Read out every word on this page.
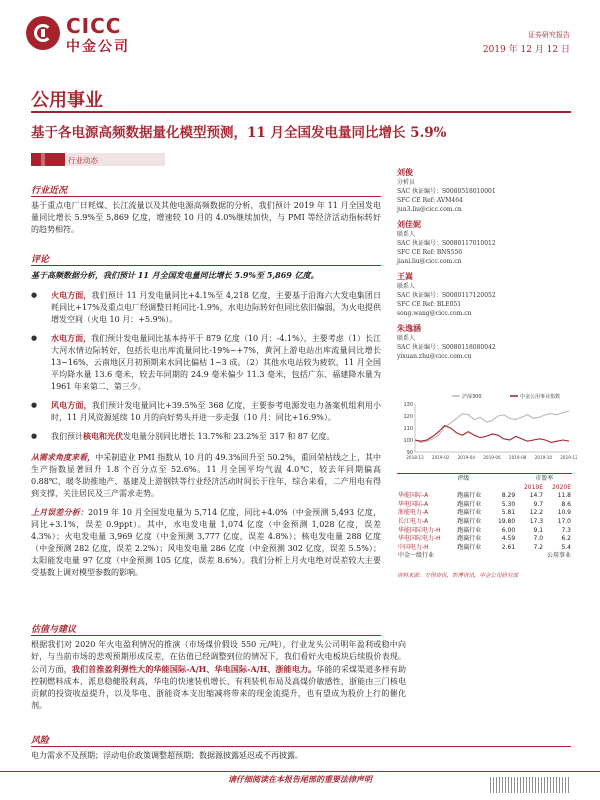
CICC
中金公司
证券研究报告
2019 年 12 月 12 日
公用事业
基于各电源高频数据量化模型预测，11 月全国发电量同比增长 5.9%
行业动态
行业近况
基于重点电厂日耗煤、长江流量以及其他电源高频数据的分析，我们预计 2019 年 11 月全国发电量同比增长 5.9%至 5,869 亿度，增速较 10 月的 4.0%继续加快，与 PMI 等经济活动指标转好的趋势相符。
评论
基于高频数据分析，我们预计 11 月全国发电量同比增长 5.9%至 5,869 亿度。
● 火电方面，我们预计 11 月发电量同比+4.1%至 4,218 亿度，主要基于沿海六大发电集团日耗同比+17%及重点电厂经调整日耗同比-1.9%，水电边际转好但同比依旧偏弱，为火电提供增发空间（火电 10 月：+5.9%）。
● 水电方面，我们预计发电量同比基本持平于 879 亿度（10 月：-4.1%），主要考虑（1）长江大河水情边际转好，包括长电出库流量同比-19%~+7%，黄河上游电站出库流量同比增长 13~16%，云南地区月初预期来水同比偏枯 1~3 成。（2）其他水电站较为疲软，11 月全国平均降水量 13.6 毫米，较去年同期的 24.9 毫米偏少 11.3 毫米，包括广东、福建降水量为 1961 年来第二、第三少。
● 风电方面，我们预计发电量同比+39.5%至 368 亿度，主要参考电源发电力备案机组利用小时，11 月风资源延续 10 月的向好势头并进一步走强（10 月：同比+16.9%）。
● 我们预计核电和光伏发电量分别同比增长 13.7%和 23.2%至 317 和 87 亿度。
从需求角度来看，中采制造业 PMI 指数从 10 月的 49.3%回升至 50.2%，重回荣枯线之上，其中生产指数显著回升 1.8 个百分点至 52.6%。11 月全国平均气温 4.0℃，较去年同期偏高 0.88℃，暖冬助推地产、基建及上游钢铁等行业经济活动时间长于往年，综合来看，二产用电有得到支撑，关注居民及三产需求走势。
上月误差分析：2019 年 10 月全国发电量为 5,714 亿度，同比+4.0%（中金预测 5,493 亿度，同比+3.1%，误差 0.9ppt）。其中，水电发电量 1,074 亿度（中金预测 1,028 亿度，误差 4.3%）；火电发电量 3,969 亿度（中金预测 3,777 亿度，误差 4.8%）；核电发电量 288 亿度（中金预测 282 亿度，误差 2.2%）；风电发电量 286 亿度（中金预测 302 亿度，误差 5.5%）；太阳能发电量 97 亿度（中金预测 105 亿度，误差 8.6%）。我们分析上月火电绝对误差较大主要受基数上调对模型参数的影响。
估值与建议
根据我们对 2020 年火电盈利情况的推演（市场煤价假设 550 元/吨），行业龙头公司明年盈利或稳中向好，与当前市场的悲观预期形成反差，在估值已经调整到位的情况下，我们看好火电板块后续股价表现。公司方面，我们首推盈利弹性大的华能国际-A/H、华电国际-A/H、浙能电力。华能的采煤渠道多样有助控制燃料成本、派息稳健股利高，华电的快速装机增长、有利装机布局及高煤价敏感性，浙能由三门核电贡献的投资收益提升，以及华电、浙能资本支出缩减将带来的现金流提升，也有望成为股价上行的催化剂。
风险
电力需求不及预期；浮动电价政策调整超预期；数据源披露延迟或不再披露。
刘俊
分析员
SAC 执证编号：S0080518010001
SFC CE Ref: AVM464
jun3.liu@cicc.com.cn
刘佳妮
联系人
SAC 执证编号：S0080117010012
SFC CE Ref: BNS556
jiani.liu@cicc.com.cn
王嵩
联系人
SAC 执证编号：S0080117120052
SFC CE Ref: BLE051
song.wang@cicc.com.cn
朱逸涵
联系人
SAC 执证编号：S0080118080042
yixuan.zhu@cicc.com.cn
90
100
110
120
130
2018-12 2019-02 2019-04 2019-06 2019-08 2019-10 2019-12
沪深300	中金公用事业指数
	评级		市盈率	
			2019E	2020E
华能国际-A	跑赢行业	8.29	14.7	11.8
华电国际-A	跑赢行业	5.30	9.7	8.6
浙能电力-A	跑赢行业	5.81	12.2	10.9
长江电力-A	跑赢行业	19.80	17.3	17.0
华能国际电力-H	跑赢行业	6.00	9.1	7.3
华电国际电力-H	跑赢行业	4.59	7.0	6.2
中国电力-H	跑赢行业	2.61	7.2	5.4
中金一级行业			公用事业	
资料来源：万得资讯，彭博资讯，中金公司研究部
请仔细阅读在本报告尾部的重要法律声明
